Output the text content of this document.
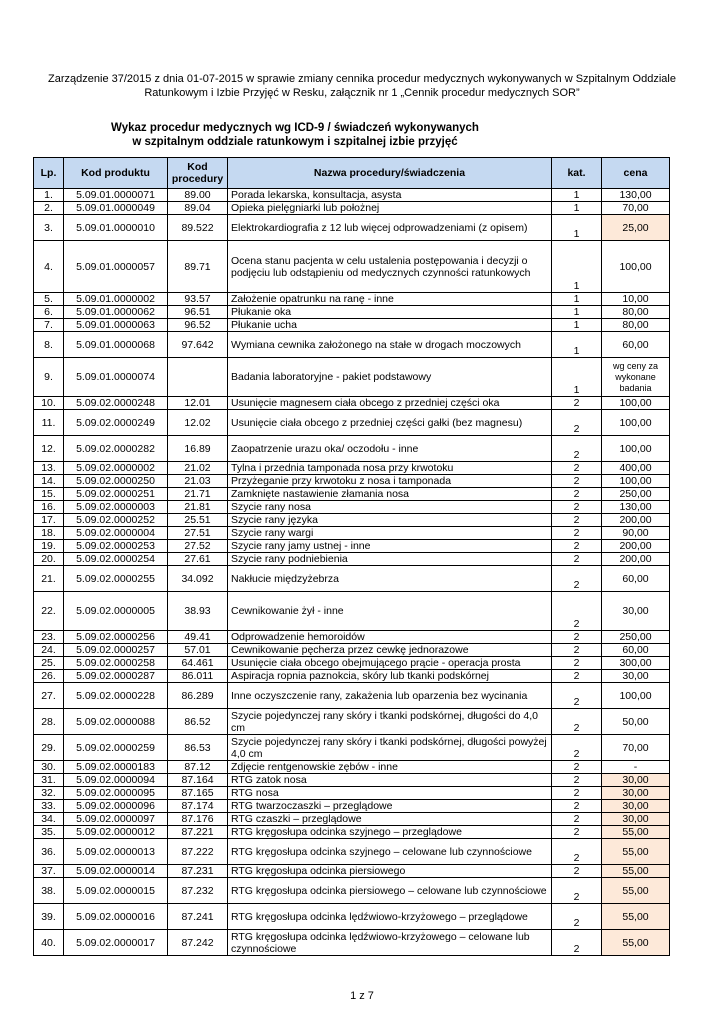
Zarządzenie 37/2015 z dnia 01-07-2015 w sprawie zmiany cennika procedur medycznych wykonywanych w Szpitalnym Oddziale
Ratunkowym i Izbie Przyjęć w Resku, załącznik nr 1 „Cennik procedur medycznych SOR”
Wykaz procedur medycznych wg ICD-9 / świadczeń wykonywanych
w szpitalnym oddziale ratunkowym i szpitalnej izbie przyjęć
Lp.	Kod produktu	Kod procedury	Nazwa procedury/świadczenia	kat.	cena
1.	5.09.01.0000071	89.00	Porada lekarska, konsultacja, asysta	1	130,00
2.	5.09.01.0000049	89.04	Opieka pielęgniarki lub położnej	1	70,00
3.	5.09.01.0000010	89.522	Elektrokardiografia z 12 lub więcej odprowadzeniami (z opisem)	1	25,00
4.	5.09.01.0000057	89.71	Ocena stanu pacjenta w celu ustalenia postępowania i decyzji o podjęciu lub odstąpieniu od medycznych czynności ratunkowych	1	100,00
5.	5.09.01.0000002	93.57	Założenie opatrunku na ranę - inne	1	10,00
6.	5.09.01.0000062	96.51	Płukanie oka	1	80,00
7.	5.09.01.0000063	96.52	Płukanie ucha	1	80,00
8.	5.09.01.0000068	97.642	Wymiana cewnika założonego na stałe w drogach moczowych	1	60,00
9.	5.09.01.0000074		Badania laboratoryjne - pakiet podstawowy	1	wg ceny za wykonane badania
10.	5.09.02.0000248	12.01	Usunięcie magnesem ciała obcego z przedniej części oka	2	100,00
11.	5.09.02.0000249	12.02	Usunięcie ciała obcego z przedniej części gałki (bez magnesu)	2	100,00
12.	5.09.02.0000282	16.89	Zaopatrzenie urazu oka/ oczodołu - inne	2	100,00
13.	5.09.02.0000002	21.02	Tylna i przednia tamponada nosa przy krwotoku	2	400,00
14.	5.09.02.0000250	21.03	Przyżeganie przy krwotoku z nosa i tamponada	2	100,00
15.	5.09.02.0000251	21.71	Zamknięte nastawienie złamania nosa	2	250,00
16.	5.09.02.0000003	21.81	Szycie rany nosa	2	130,00
17.	5.09.02.0000252	25.51	Szycie rany języka	2	200,00
18.	5.09.02.0000004	27.51	Szycie rany wargi	2	90,00
19.	5.09.02.0000253	27.52	Szycie rany jamy ustnej - inne	2	200,00
20.	5.09.02.0000254	27.61	Szycie rany podniebienia	2	200,00
21.	5.09.02.0000255	34.092	Nakłucie międzyżebrza	2	60,00
22.	5.09.02.0000005	38.93	Cewnikowanie żył - inne	2	30,00
23.	5.09.02.0000256	49.41	Odprowadzenie hemoroidów	2	250,00
24.	5.09.02.0000257	57.01	Cewnikowanie pęcherza przez cewkę jednorazowe	2	60,00
25.	5.09.02.0000258	64.461	Usunięcie ciała obcego obejmującego prącie - operacja prosta	2	300,00
26.	5.09.02.0000287	86.011	Aspiracja ropnia paznokcia, skóry lub tkanki podskórnej	2	30,00
27.	5.09.02.0000228	86.289	Inne oczyszczenie rany, zakażenia lub oparzenia bez wycinania	2	100,00
28.	5.09.02.0000088	86.52	Szycie pojedynczej rany skóry i tkanki podskórnej, długości do 4,0 cm	2	50,00
29.	5.09.02.0000259	86.53	Szycie pojedynczej rany skóry i tkanki podskórnej, długości powyżej 4,0 cm	2	70,00
30.	5.09.02.0000183	87.12	Zdjęcie rentgenowskie zębów - inne	2	-
31.	5.09.02.0000094	87.164	RTG zatok nosa	2	30,00
32.	5.09.02.0000095	87.165	RTG nosa	2	30,00
33.	5.09.02.0000096	87.174	RTG twarzoczaszki – przeglądowe	2	30,00
34.	5.09.02.0000097	87.176	RTG czaszki – przeglądowe	2	30,00
35.	5.09.02.0000012	87.221	RTG kręgosłupa odcinka szyjnego – przeglądowe	2	55,00
36.	5.09.02.0000013	87.222	RTG kręgosłupa odcinka szyjnego – celowane lub czynnościowe	2	55,00
37.	5.09.02.0000014	87.231	RTG kręgosłupa odcinka piersiowego	2	55,00
38.	5.09.02.0000015	87.232	RTG kręgosłupa odcinka piersiowego – celowane lub czynnościowe	2	55,00
39.	5.09.02.0000016	87.241	RTG kręgosłupa odcinka lędźwiowo-krzyżowego – przeglądowe	2	55,00
40.	5.09.02.0000017	87.242	RTG kręgosłupa odcinka lędźwiowo-krzyżowego – celowane lub czynnościowe	2	55,00
1 z 7
